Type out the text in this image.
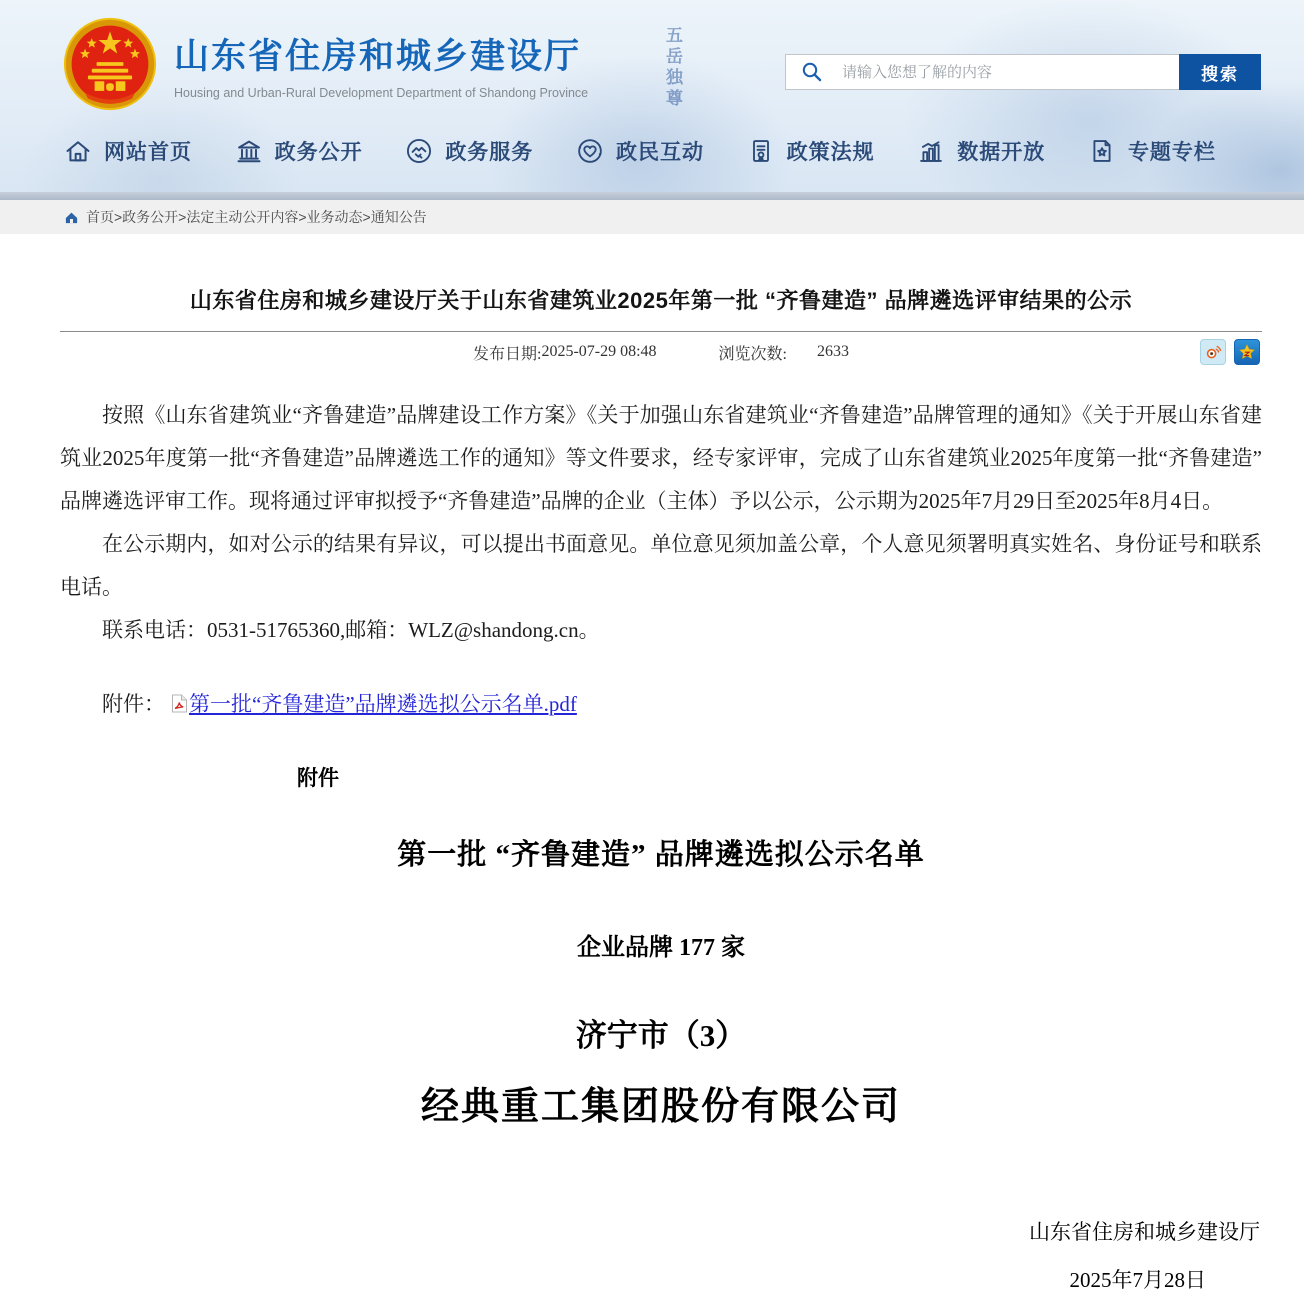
五岳独尊
山东省住房和城乡建设厅
Housing and Urban-Rural Development Department of Shandong Province
请输入您想了解的内容
搜索
网站首页	政务公开	政务服务	政民互动	政策法规	数据开放	专题专栏
首页>政务公开>法定主动公开内容>业务动态>通知公告
山东省住房和城乡建设厅关于山东省建筑业2025年第一批 “齐鲁建造” 品牌遴选评审结果的公示
发布日期: 2025-07-29 08:48	浏览次数: 2633

按照《山东省建筑业“齐鲁建造”品牌建设工作方案》《关于加强山东省建筑业“齐鲁建造”品牌管理的通知》《关于开展山东省建筑业2025年度第一批“齐鲁建造”品牌遴选工作的通知》等文件要求，经专家评审，完成了山东省建筑业2025年度第一批“齐鲁建造”品牌遴选评审工作。现将通过评审拟授予“齐鲁建造”品牌的企业（主体）予以公示，公示期为2025年7月29日至2025年8月4日。

在公示期内，如对公示的结果有异议，可以提出书面意见。单位意见须加盖公章，个人意见须署明真实姓名、身份证号和联系电话。

联系电话：0531-51765360,邮箱：WLZ@shandong.cn。

附件： 第一批“齐鲁建造”品牌遴选拟公示名单.pdf
附件
第一批 “齐鲁建造” 品牌遴选拟公示名单
企业品牌 177 家
济宁市（3）
经典重工集团股份有限公司
山东省住房和城乡建设厅
2025年7月28日
